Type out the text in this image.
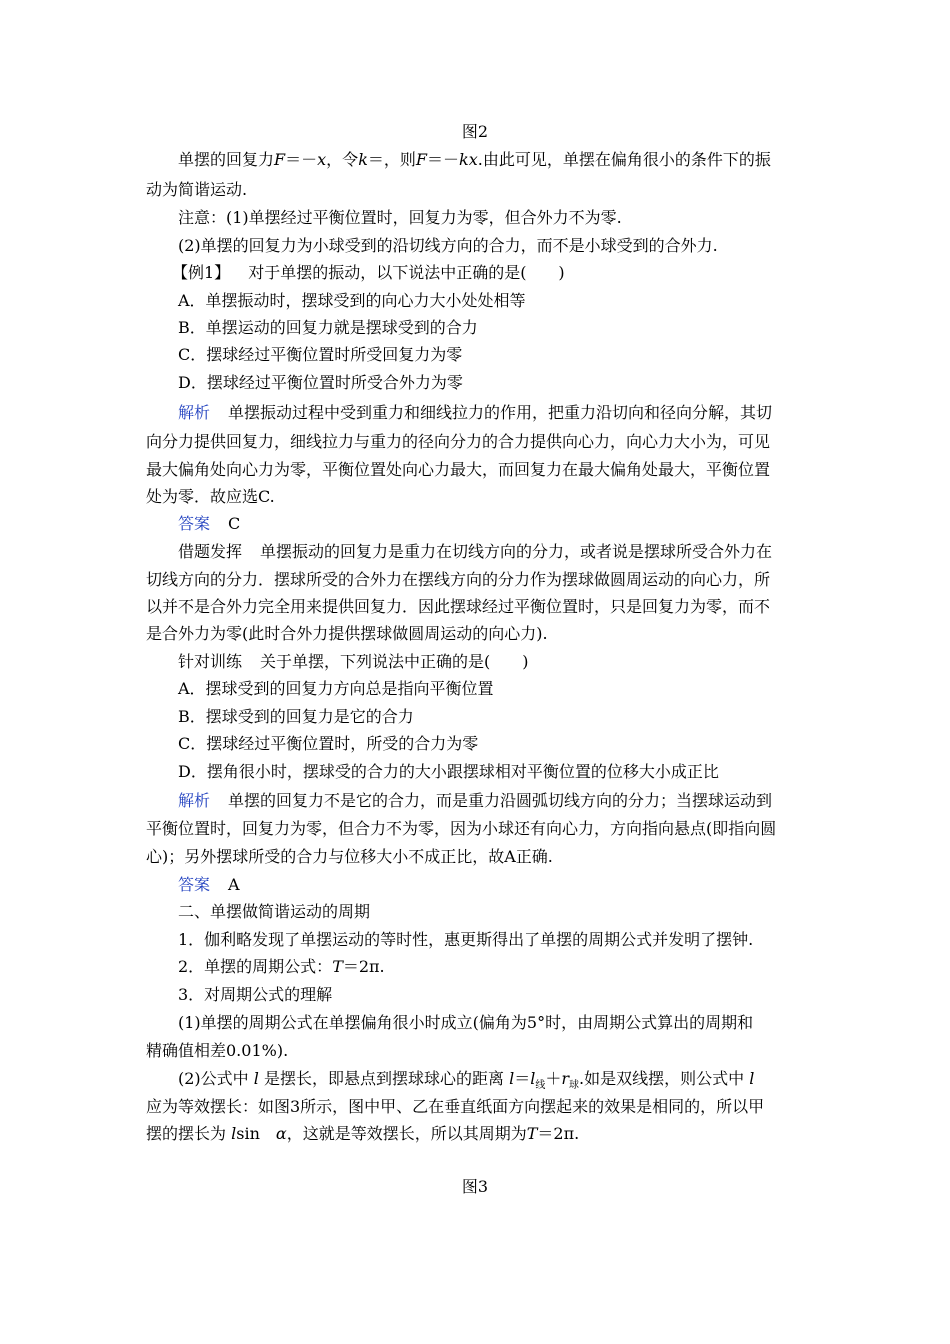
图2
单摆的回复力F＝－x，令k＝，则F＝－kx.由此可见，单摆在偏角很小的条件下的振
动为简谐运动.
注意：(1)单摆经过平衡位置时，回复力为零，但合外力不为零.
(2)单摆的回复力为小球受到的沿切线方向的合力，而不是小球受到的合外力.
【例1】 对于单摆的振动，以下说法中正确的是(　　)
A．单摆振动时，摆球受到的向心力大小处处相等
B．单摆运动的回复力就是摆球受到的合力
C．摆球经过平衡位置时所受回复力为零
D．摆球经过平衡位置时所受合外力为零
解析 单摆振动过程中受到重力和细线拉力的作用，把重力沿切向和径向分解，其切
向分力提供回复力，细线拉力与重力的径向分力的合力提供向心力，向心力大小为，可见
最大偏角处向心力为零，平衡位置处向心力最大，而回复力在最大偏角处最大，平衡位置
处为零．故应选C.
答案 C
借题发挥 单摆振动的回复力是重力在切线方向的分力，或者说是摆球所受合外力在
切线方向的分力．摆球所受的合外力在摆线方向的分力作为摆球做圆周运动的向心力，所
以并不是合外力完全用来提供回复力．因此摆球经过平衡位置时，只是回复力为零，而不
是合外力为零(此时合外力提供摆球做圆周运动的向心力).
针对训练 关于单摆，下列说法中正确的是(　　)
A．摆球受到的回复力方向总是指向平衡位置
B．摆球受到的回复力是它的合力
C．摆球经过平衡位置时，所受的合力为零
D．摆角很小时，摆球受的合力的大小跟摆球相对平衡位置的位移大小成正比
解析 单摆的回复力不是它的合力，而是重力沿圆弧切线方向的分力；当摆球运动到
平衡位置时，回复力为零，但合力不为零，因为小球还有向心力，方向指向悬点(即指向圆
心)；另外摆球所受的合力与位移大小不成正比，故A正确.
答案 A
二、单摆做简谐运动的周期
1．伽利略发现了单摆运动的等时性，惠更斯得出了单摆的周期公式并发明了摆钟.
2．单摆的周期公式：T＝2π.
3．对周期公式的理解
(1)单摆的周期公式在单摆偏角很小时成立(偏角为5°时，由周期公式算出的周期和
精确值相差0.01%).
(2)公式中 l 是摆长，即悬点到摆球球心的距离 $l=l_线+r_球$.如是双线摆，则公式中 l
应为等效摆长：如图3所示，图中甲、乙在垂直纸面方向摆起来的效果是相同的，所以甲
摆的摆长为 lsin　 α，这就是等效摆长，所以其周期为T＝2π.
图3
